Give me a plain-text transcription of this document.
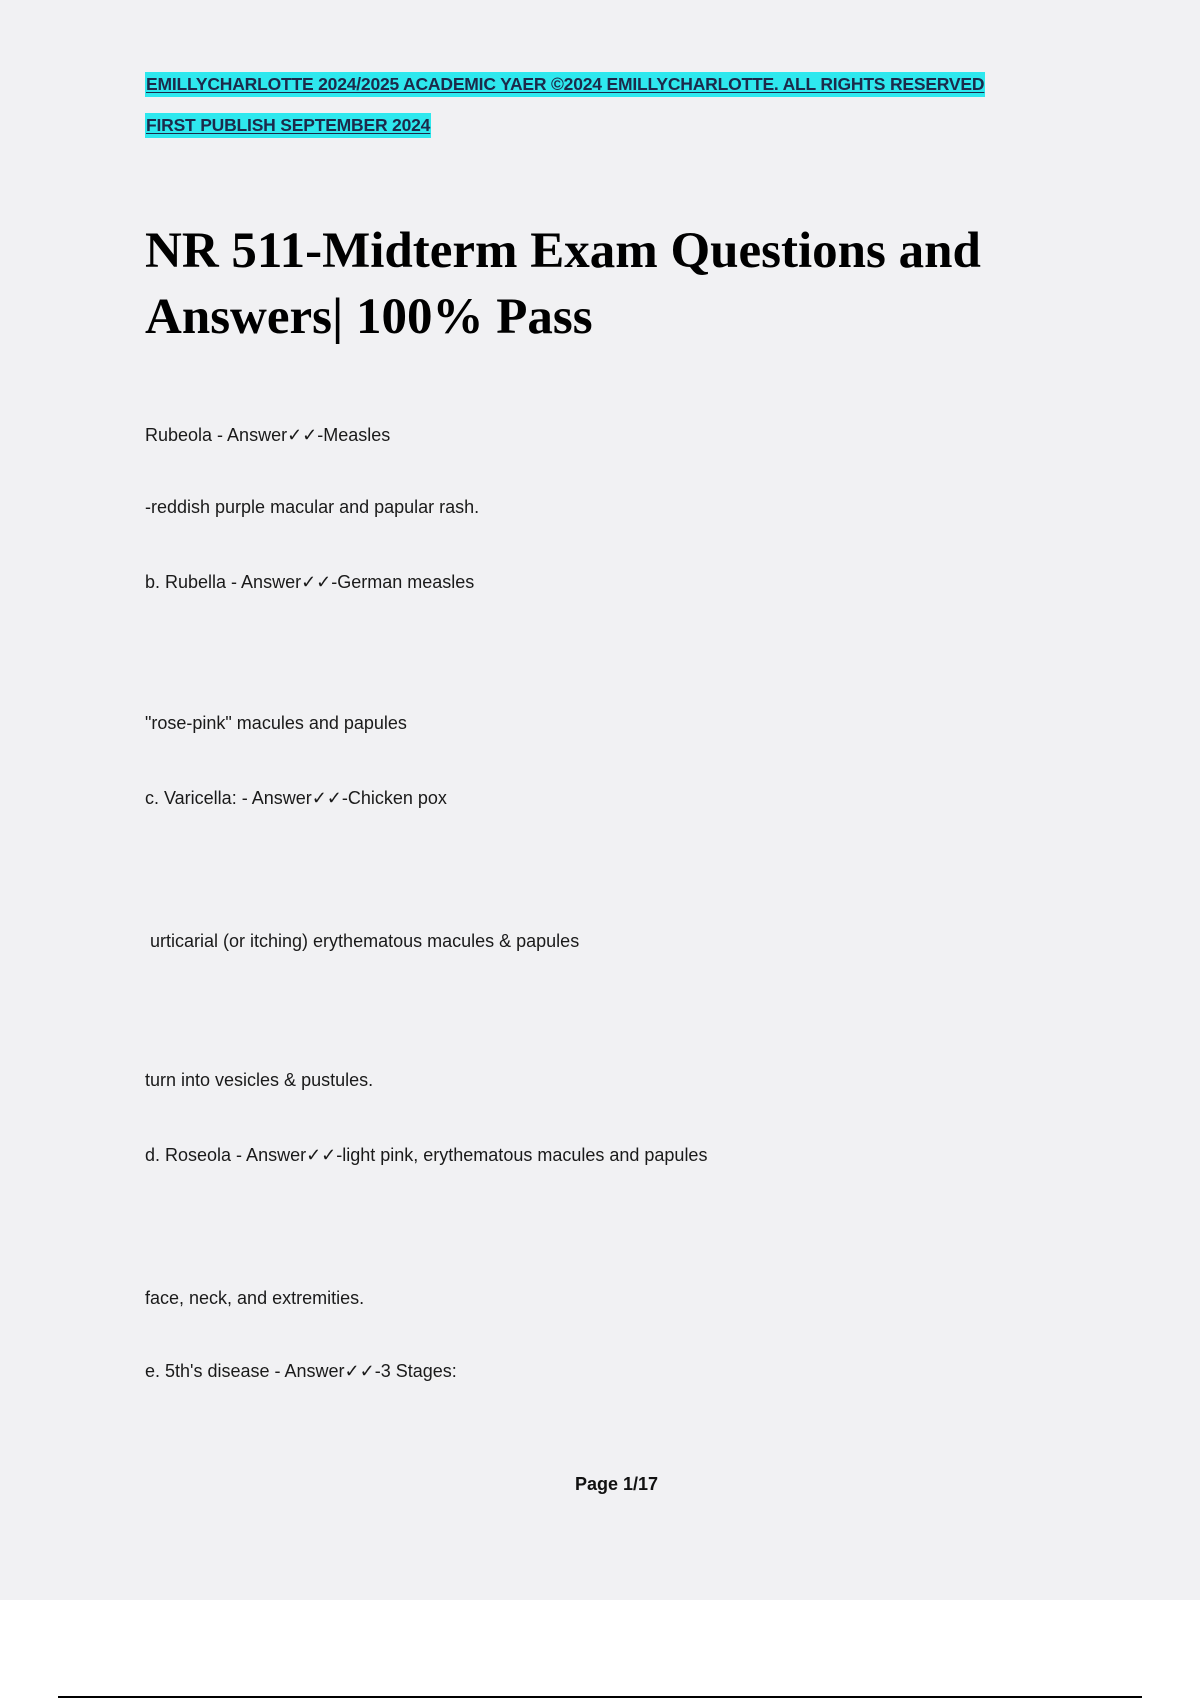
EMILLYCHARLOTTE 2024/2025 ACADEMIC YAER ©2024 EMILLYCHARLOTTE. ALL RIGHTS RESERVED
FIRST PUBLISH SEPTEMBER 2024
NR 511-Midterm Exam Questions and Answers| 100% Pass
Rubeola - Answer✓✓-Measles
-reddish purple macular and papular rash.
b. Rubella - Answer✓✓-German measles
"rose-pink" macules and papules
c. Varicella: - Answer✓✓-Chicken pox
urticarial (or itching) erythematous macules & papules
turn into vesicles & pustules.
d. Roseola - Answer✓✓-light pink, erythematous macules and papules
face, neck, and extremities.
e. 5th's disease - Answer✓✓-3 Stages:
Page 1/17
